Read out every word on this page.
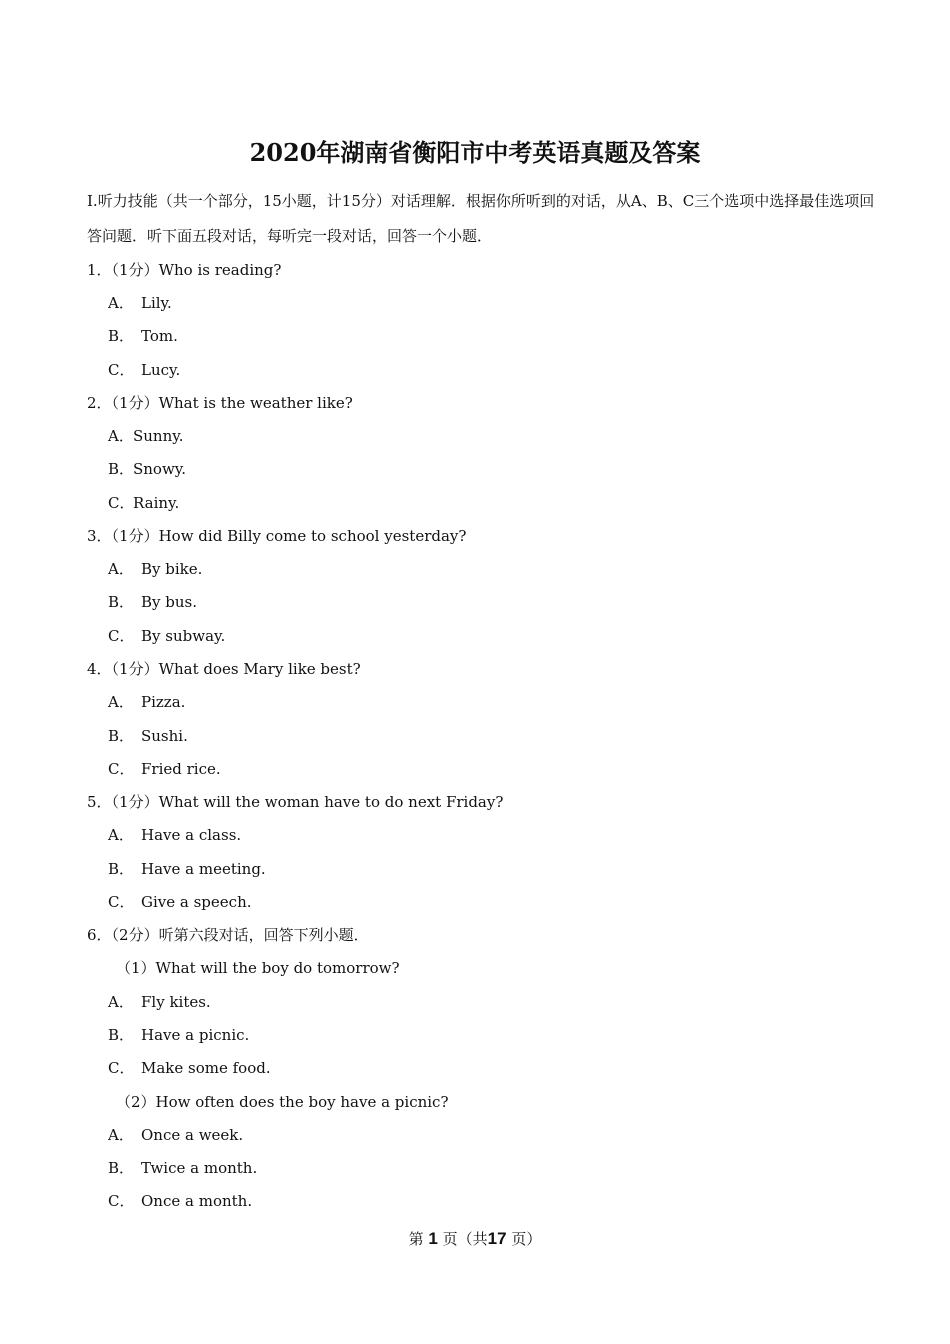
2020年湖南省衡阳市中考英语真题及答案
I.听力技能（共一个部分，15小题，计15分）对话理解．根据你所听到的对话，从A、B、C三个选项中选择最佳选项回答问题．听下面五段对话，每听完一段对话，回答一个小题．
1．（1分）Who is reading?
A． Lily.
B． Tom.
C． Lucy.
2．（1分）What is the weather like?
A．Sunny.
B．Snowy.
C．Rainy.
3．（1分）How did Billy come to school yesterday?
A． By bike.
B． By bus.
C． By subway.
4．（1分）What does Mary like best?
A． Pizza.
B． Sushi.
C． Fried rice.
5．（1分）What will the woman have to do next Friday?
A． Have a class.
B． Have a meeting.
C． Give a speech.
6．（2分）听第六段对话，回答下列小题．
（1）What will the boy do tomorrow?
A． Fly kites.
B． Have a picnic.
C． Make some food.
（2）How often does the boy have a picnic?
A． Once a week.
B． Twice a month.
C． Once a month.
第 1 页（共17 页）
